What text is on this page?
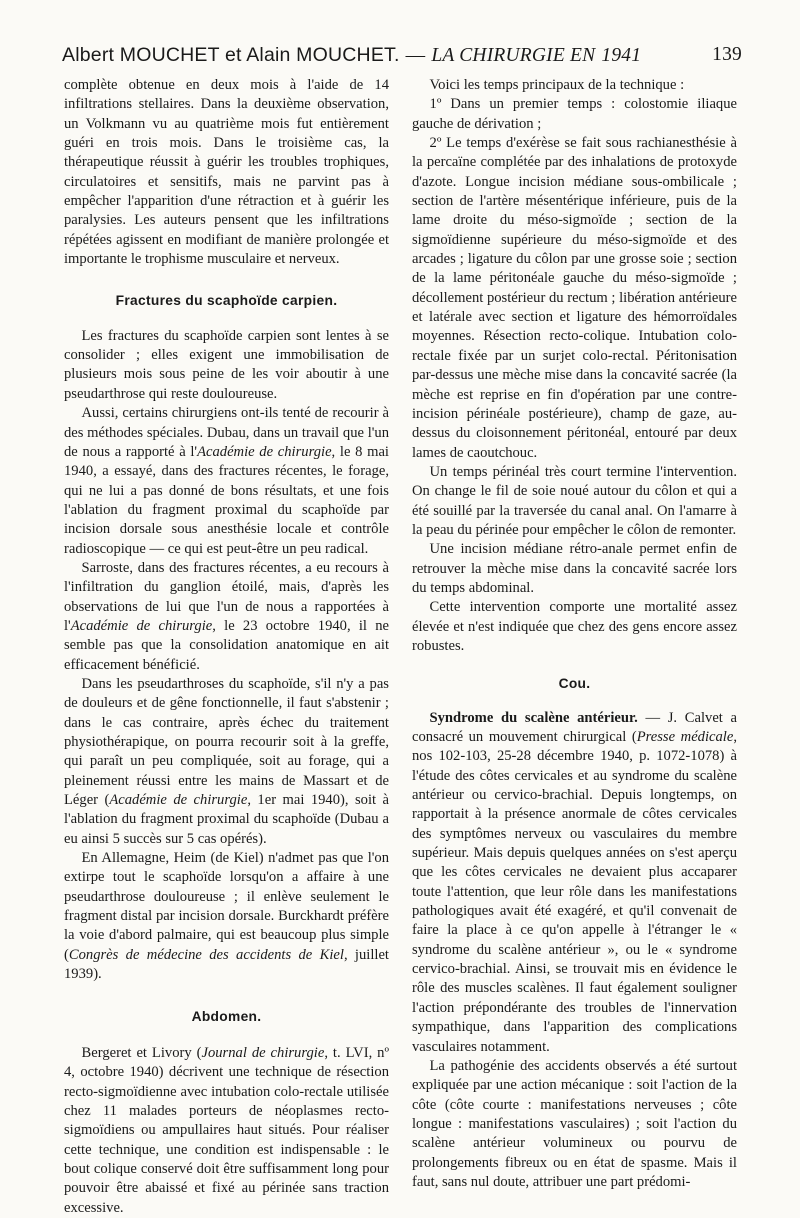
Albert MOUCHET et Alain MOUCHET. — LA CHIRURGIE EN 1941	139

complète obtenue en deux mois à l'aide de 14 infiltrations stellaires. Dans la deuxième observation, un Volkmann vu au quatrième mois fut entièrement guéri en trois mois. Dans le troisième cas, la thérapeutique réussit à guérir les troubles trophiques, circulatoires et sensitifs, mais ne parvint pas à empêcher l'apparition d'une rétraction et à guérir les paralysies. Les auteurs pensent que les infiltrations répétées agissent en modifiant de manière prolongée et importante le trophisme musculaire et nerveux.

Fractures du scaphoïde carpien.

Les fractures du scaphoïde carpien sont lentes à se consolider ; elles exigent une immobilisation de plusieurs mois sous peine de les voir aboutir à une pseudarthrose qui reste douloureuse.

Aussi, certains chirurgiens ont-ils tenté de recourir à des méthodes spéciales. Dubau, dans un travail que l'un de nous a rapporté à l'Académie de chirurgie, le 8 mai 1940, a essayé, dans des fractures récentes, le forage, qui ne lui a pas donné de bons résultats, et une fois l'ablation du fragment proximal du scaphoïde par incision dorsale sous anesthésie locale et contrôle radioscopique — ce qui est peut-être un peu radical.

Sarroste, dans des fractures récentes, a eu recours à l'infiltration du ganglion étoilé, mais, d'après les observations de lui que l'un de nous a rapportées à l'Académie de chirurgie, le 23 octobre 1940, il ne semble pas que la consolidation anatomique en ait efficacement bénéficié.

Dans les pseudarthroses du scaphoïde, s'il n'y a pas de douleurs et de gêne fonctionnelle, il faut s'abstenir ; dans le cas contraire, après échec du traitement physiothérapique, on pourra recourir soit à la greffe, qui paraît un peu compliquée, soit au forage, qui a pleinement réussi entre les mains de Massart et de Léger (Académie de chirurgie, 1er mai 1940), soit à l'ablation du fragment proximal du scaphoïde (Dubau a eu ainsi 5 succès sur 5 cas opérés).

En Allemagne, Heim (de Kiel) n'admet pas que l'on extirpe tout le scaphoïde lorsqu'on a affaire à une pseudarthrose douloureuse ; il enlève seulement le fragment distal par incision dorsale. Burckhardt préfère la voie d'abord palmaire, qui est beaucoup plus simple (Congrès de médecine des accidents de Kiel, juillet 1939).

Abdomen.

Bergeret et Livory (Journal de chirurgie, t. LVI, nº 4, octobre 1940) décrivent une technique de résection recto-sigmoïdienne avec intubation colo-rectale utilisée chez 11 malades porteurs de néoplasmes recto-sigmoïdiens ou ampullaires haut situés. Pour réaliser cette technique, une condition est indispensable : le bout colique conservé doit être suffisamment long pour pouvoir être abaissé et fixé au périnée sans traction excessive.

Voici les temps principaux de la technique :

1º Dans un premier temps : colostomie iliaque gauche de dérivation ;

2º Le temps d'exérèse se fait sous rachianesthésie à la percaïne complétée par des inhalations de protoxyde d'azote. Longue incision médiane sous-ombilicale ; section de l'artère mésentérique inférieure, puis de la lame droite du méso-sigmoïde ; section de la sigmoïdienne supérieure du méso-sigmoïde et des arcades ; ligature du côlon par une grosse soie ; section de la lame péritonéale gauche du méso-sigmoïde ; décollement postérieur du rectum ; libération antérieure et latérale avec section et ligature des hémorroïdales moyennes. Résection recto-colique. Intubation colo-rectale fixée par un surjet colo-rectal. Péritonisation par-dessus une mèche mise dans la concavité sacrée (la mèche est reprise en fin d'opération par une contre-incision périnéale postérieure), champ de gaze, au-dessus du cloisonnement péritonéal, entouré par deux lames de caoutchouc.

Un temps périnéal très court termine l'intervention. On change le fil de soie noué autour du côlon et qui a été souillé par la traversée du canal anal. On l'amarre à la peau du périnée pour empêcher le côlon de remonter.

Une incision médiane rétro-anale permet enfin de retrouver la mèche mise dans la concavité sacrée lors du temps abdominal.

Cette intervention comporte une mortalité assez élevée et n'est indiquée que chez des gens encore assez robustes.

Cou.

Syndrome du scalène antérieur. — J. Calvet a consacré un mouvement chirurgical (Presse médicale, nos 102-103, 25-28 décembre 1940, p. 1072-1078) à l'étude des côtes cervicales et au syndrome du scalène antérieur ou cervico-brachial. Depuis longtemps, on rapportait à la présence anormale de côtes cervicales des symptômes nerveux ou vasculaires du membre supérieur. Mais depuis quelques années on s'est aperçu que les côtes cervicales ne devaient plus accaparer toute l'attention, que leur rôle dans les manifestations pathologiques avait été exagéré, et qu'il convenait de faire la place à ce qu'on appelle à l'étranger le « syndrome du scalène antérieur », ou le « syndrome cervico-brachial. Ainsi, se trouvait mis en évidence le rôle des muscles scalènes. Il faut également souligner l'action prépondérante des troubles de l'innervation sympathique, dans l'apparition des complications vasculaires notamment.

La pathogénie des accidents observés a été surtout expliquée par une action mécanique : soit l'action de la côte (côte courte : manifestations nerveuses ; côte longue : manifestations vasculaires) ; soit l'action du scalène antérieur volumineux ou pourvu de prolongements fibreux ou en état de spasme. Mais il faut, sans nul doute, attribuer une part prédomi-
